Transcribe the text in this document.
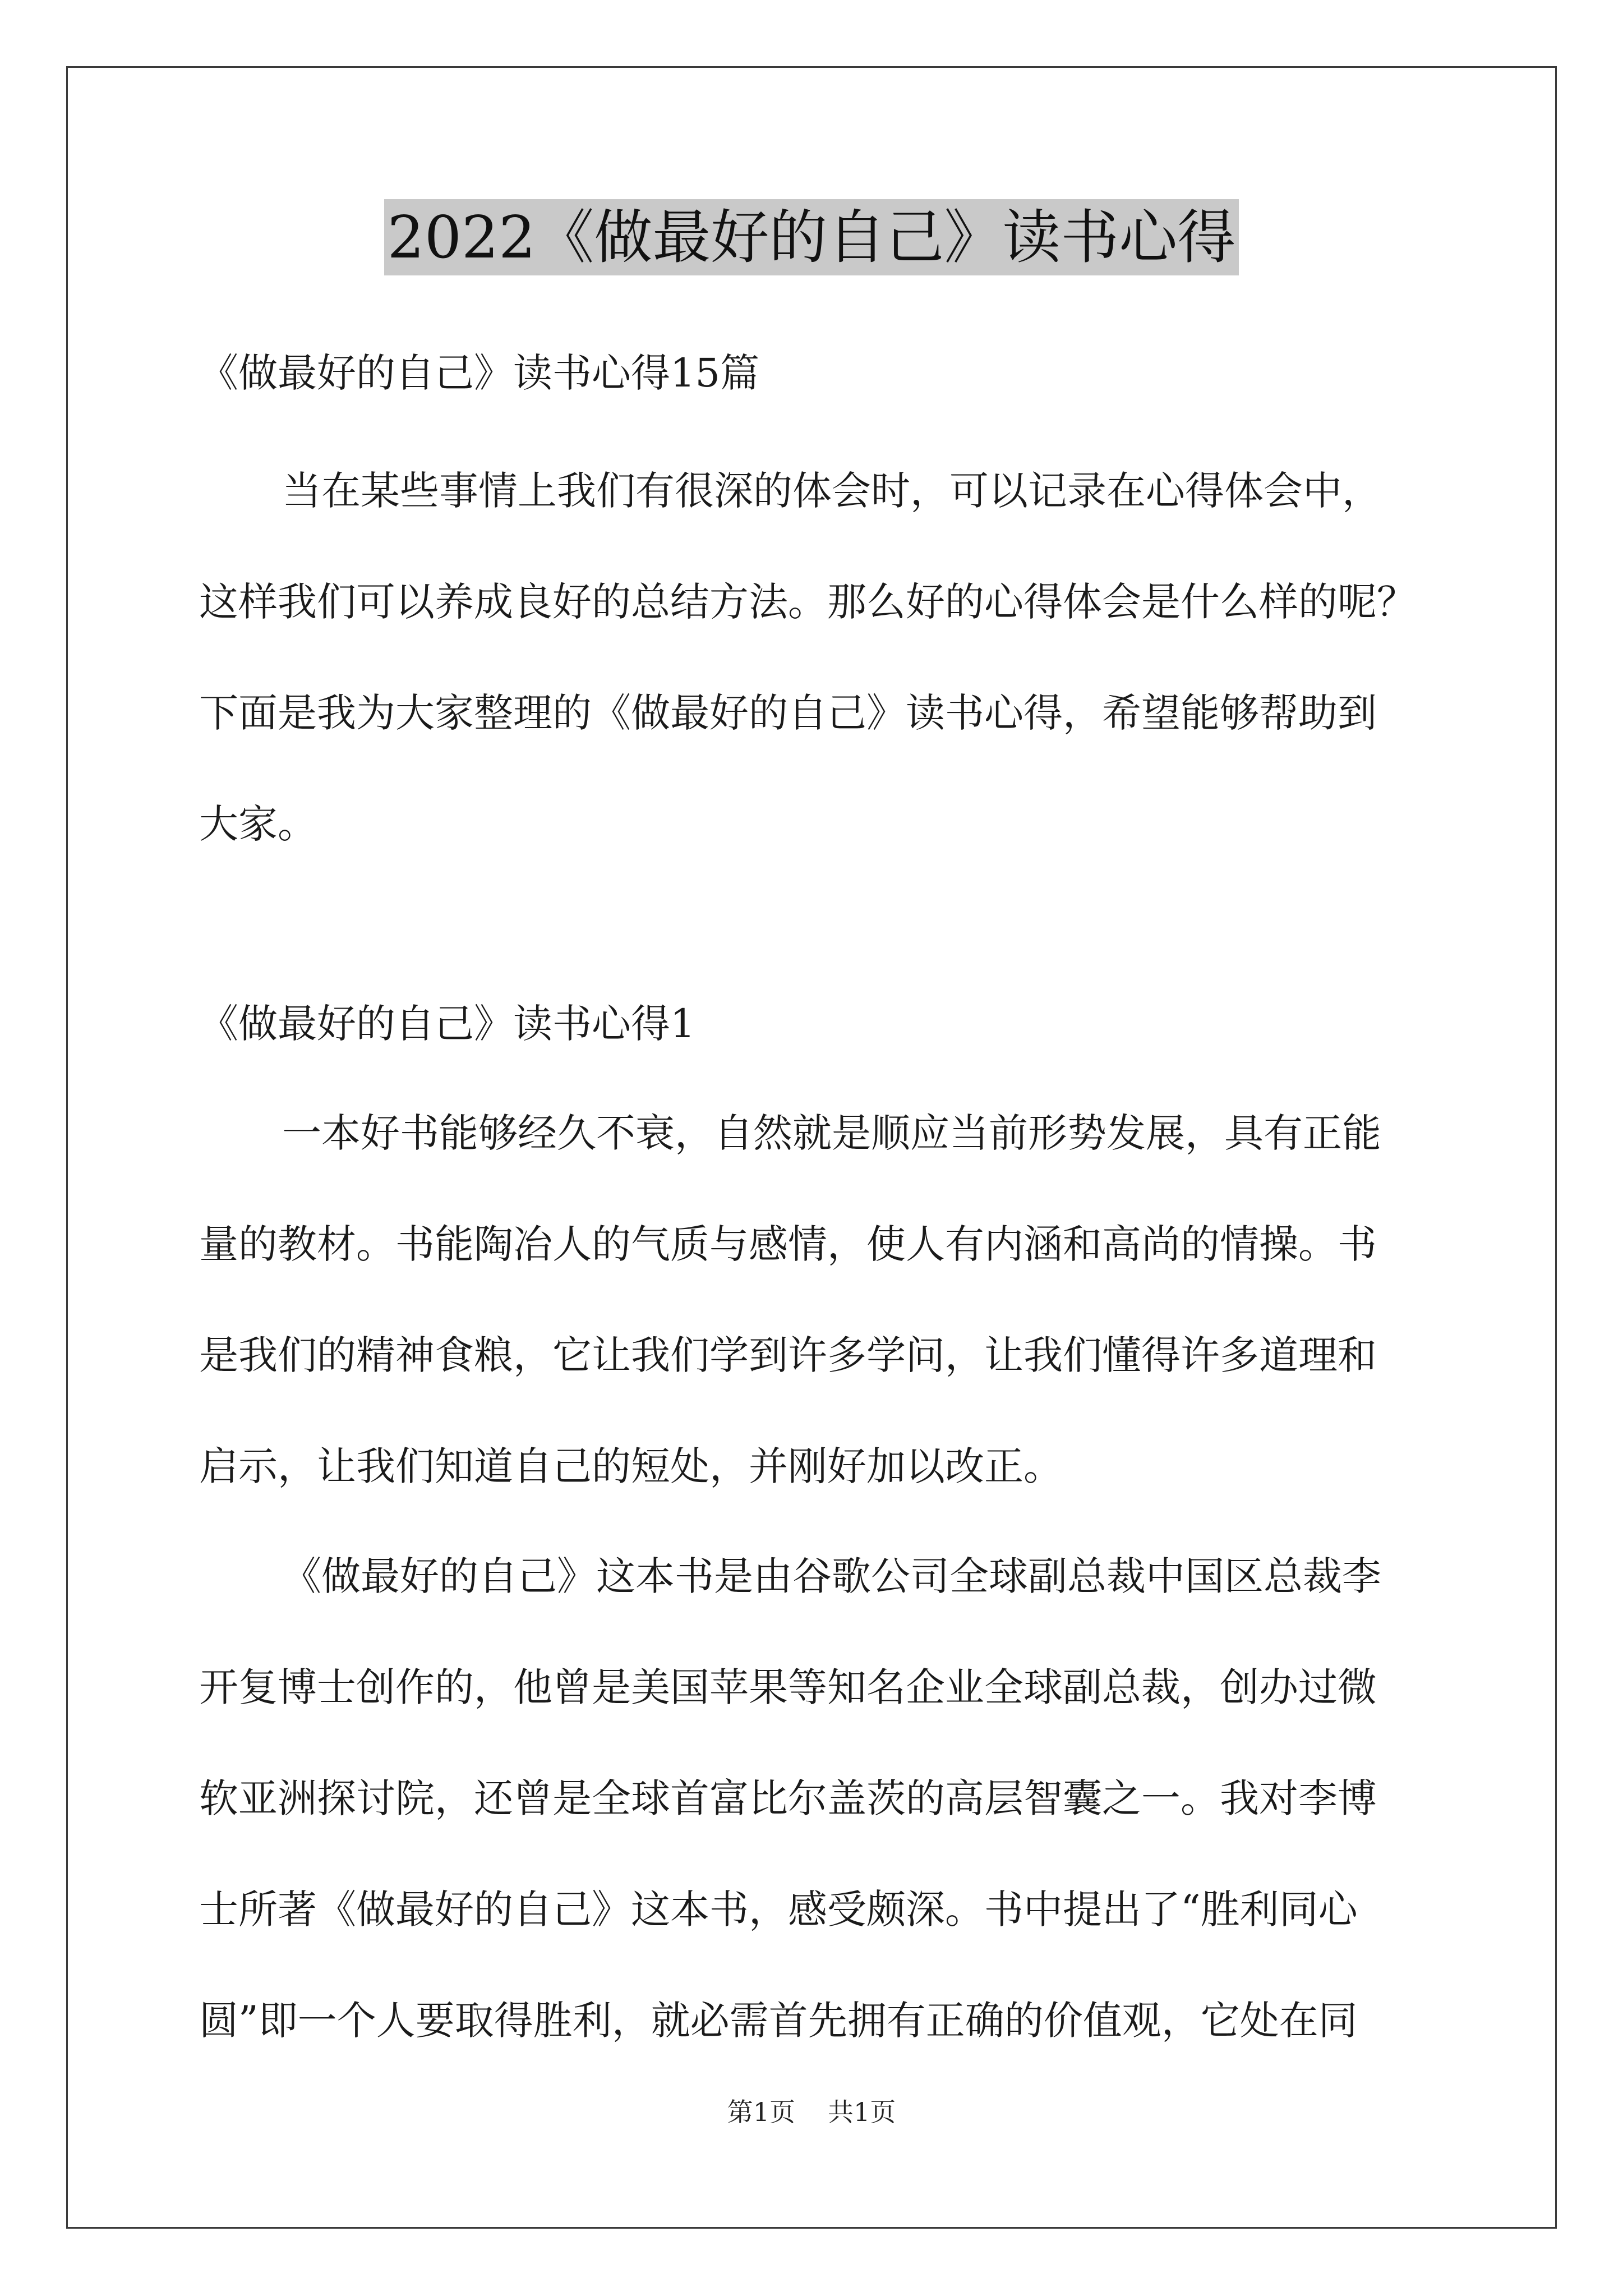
2022《做最好的自己》读书心得
《做最好的自己》读书心得15篇
当在某些事情上我们有很深的体会时，可以记录在心得体会中，
这样我们可以养成良好的总结方法。那么好的心得体会是什么样的呢？
下面是我为大家整理的《做最好的自己》读书心得，希望能够帮助到
大家。
《做最好的自己》读书心得1
一本好书能够经久不衰，自然就是顺应当前形势发展，具有正能
量的教材。书能陶冶人的气质与感情，使人有内涵和高尚的情操。书
是我们的精神食粮，它让我们学到许多学问，让我们懂得许多道理和
启示，让我们知道自己的短处，并刚好加以改正。
《做最好的自己》这本书是由谷歌公司全球副总裁中国区总裁李
开复博士创作的，他曾是美国苹果等知名企业全球副总裁，创办过微
软亚洲探讨院，还曾是全球首富比尔盖茨的高层智囊之一。我对李博
士所著《做最好的自己》这本书，感受颇深。书中提出了“胜利同心
圆”即一个人要取得胜利，就必需首先拥有正确的价值观，它处在同
第1页 共1页
